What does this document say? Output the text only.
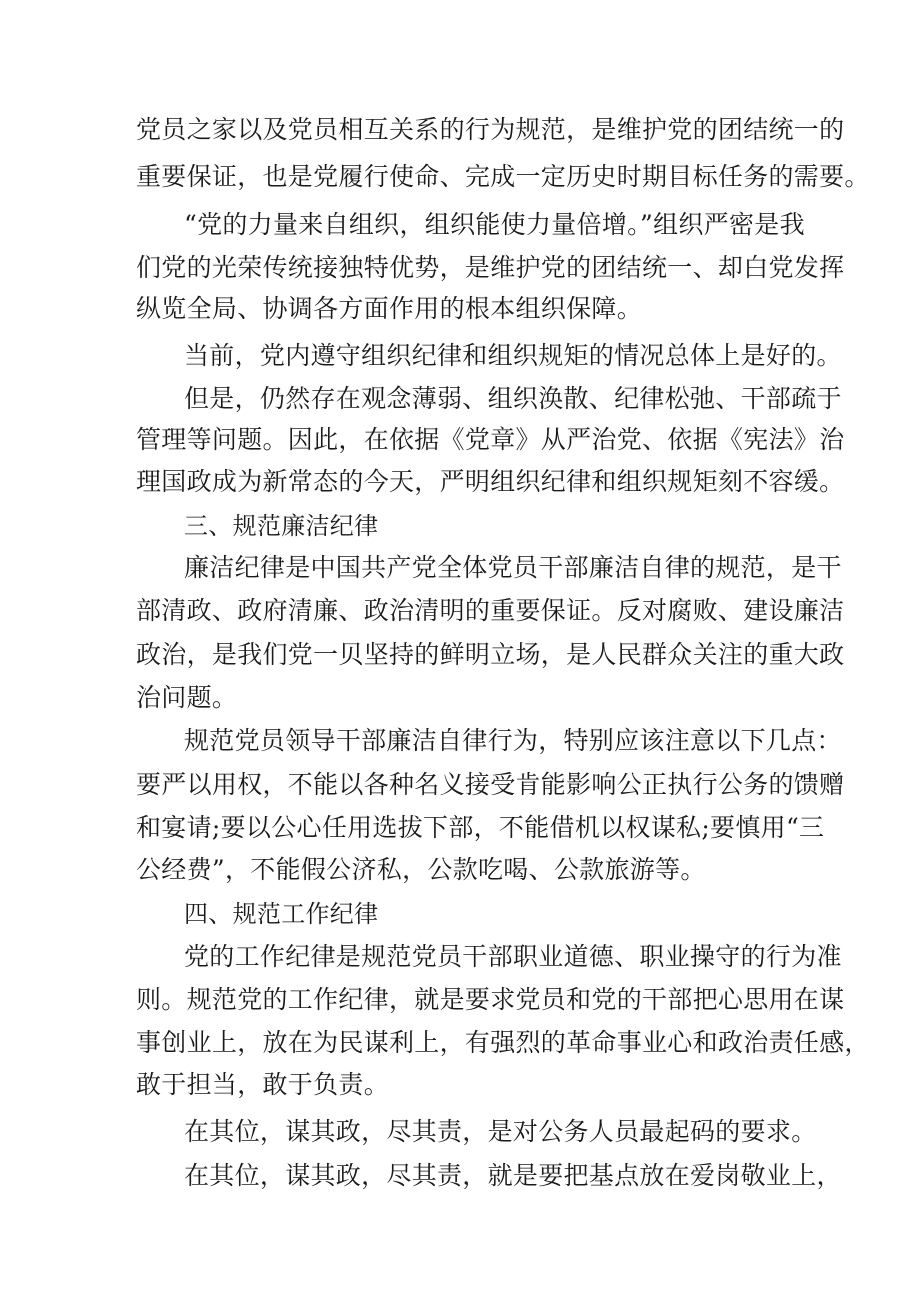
党员之家以及党员相互关系的行为规范，是维护党的团结统一的
重要保证，也是党履行使命、完成一定历史时期目标任务的需要。
“党的力量来自组织，组织能使力量倍增。”组织严密是我
们党的光荣传统接独特优势，是维护党的团结统一、却白党发挥
纵览全局、协调各方面作用的根本组织保障。
当前，党内遵守组织纪律和组织规矩的情况总体上是好的。
但是，仍然存在观念薄弱、组织涣散、纪律松弛、干部疏于
管理等问题。因此，在依据《党章》从严治党、依据《宪法》治
理国政成为新常态的今天，严明组织纪律和组织规矩刻不容缓。
三、规范廉洁纪律
廉洁纪律是中国共产党全体党员干部廉洁自律的规范，是干
部清政、政府清廉、政治清明的重要保证。反对腐败、建设廉洁
政治，是我们党一贝坚持的鲜明立场，是人民群众关注的重大政
治问题。
规范党员领导干部廉洁自律行为，特别应该注意以下几点：
要严以用权，不能以各种名义接受肯能影响公正执行公务的馈赠
和宴请;要以公心任用选拔下部，不能借机以权谋私;要慎用“三
公经费”，不能假公济私，公款吃喝、公款旅游等。
四、规范工作纪律
党的工作纪律是规范党员干部职业道德、职业操守的行为准
则。规范党的工作纪律，就是要求党员和党的干部把心思用在谋
事创业上，放在为民谋利上，有强烈的革命事业心和政治责任感，
敢于担当，敢于负责。
在其位，谋其政，尽其责，是对公务人员最起码的要求。
在其位，谋其政，尽其责，就是要把基点放在爱岗敬业上，
